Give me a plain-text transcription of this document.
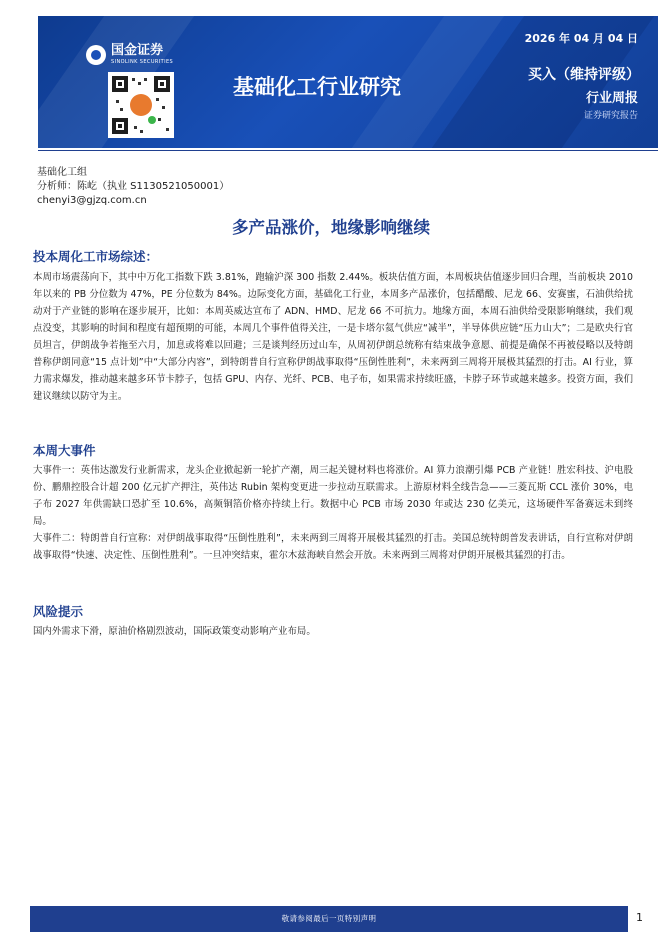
国金证券
SINOLINK SECURITIES
基础化工行业研究
2026 年 04 月 04 日
买入（维持评级）
行业周报
证券研究报告
基础化工组
分析师：陈屹（执业 S1130521050001）
chenyi3@gjzq.com.cn
多产品涨价，地缘影响继续
投本周化工市场综述：

本周市场震荡向下，其中中万化工指数下跌 3.81%，跑输沪深 300 指数 2.44%。板块估值方面，本周板块估值逐步回归合理，当前板块 2010 年以来的 PB 分位数为 47%，PE 分位数为 84%。边际变化方面，基础化工行业，本周多产品涨价，包括醋酸、尼龙 66、安赛蜜，石油供给扰动对于产业链的影响在逐步展开，比如：本周英威达宣布了 ADN、HMD、尼龙 66 不可抗力。地缘方面，本周石油供给受限影响继续，我们观点没变，其影响的时间和程度有超预期的可能，本周几个事件值得关注，一是卡塔尔氦气供应“减半”，半导体供应链“压力山大”；二是欧央行官员坦言，伊朗战争若拖至六月，加息或将难以回避；三是谈判经历过山车，从周初伊朗总统称有结束战争意愿、前提是确保不再被侵略以及特朗普称伊朗同意“15 点计划”中“大部分内容”，到特朗普自行宣称伊朗战事取得“压倒性胜利”，未来两到三周将开展极其猛烈的打击。AI 行业，算力需求爆发，推动越来越多环节卡脖子，包括 GPU、内存、光纤、PCB、电子布，如果需求持续旺盛，卡脖子环节或越来越多。投资方面，我们建议继续以防守为主。

本周大事件

大事件一：英伟达激发行业新需求，龙头企业掀起新一轮扩产潮，周三起关键材料也将涨价。AI 算力浪潮引爆 PCB 产业链！胜宏科技、沪电股份、鹏鼎控股合计超 200 亿元扩产押注，英伟达 Rubin 架构变更进一步拉动互联需求。上游原材料全线告急——三菱瓦斯 CCL 涨价 30%，电子布 2027 年供需缺口恐扩至 10.6%，高频铜箔价格亦持续上行。数据中心 PCB 市场 2030 年或达 230 亿美元，这场硬件军备赛远未到终局。
大事件二：特朗普自行宣称：对伊朗战事取得“压倒性胜利”，未来两到三周将开展极其猛烈的打击。美国总统特朗普发表讲话，自行宣称对伊朗战事取得“快速、决定性、压倒性胜利”。一旦冲突结束，霍尔木兹海峡自然会开放。未来两到三周将对伊朗开展极其猛烈的打击。

风险提示

国内外需求下滑，原油价格剧烈波动，国际政策变动影响产业布局。

敬请参阅最后一页特别声明	1
